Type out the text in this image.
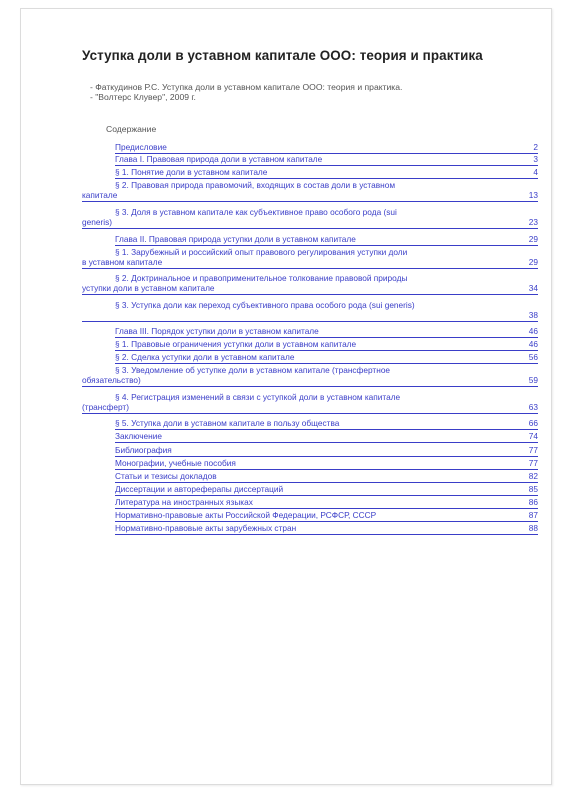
Уступка доли в уставном капитале ООО: теория и практика
- Фаткудинов Р.С. Уступка доли в уставном капитале ООО: теория и практика.
- "Волтерс Клувер", 2009 г.
Содержание
Предисловие	2
Глава I. Правовая природа доли в уставном капитале	3
§ 1. Понятие доли в уставном капитале	4
§ 2. Правовая природа правомочий, входящих в состав доли в уставном
капитале	13
§ 3. Доля в уставном капитале как субъективное право особого рода (sui
generis)	23
Глава II. Правовая природа уступки доли в уставном капитале	29
§ 1. Зарубежный и российский опыт правового регулирования уступки доли
в уставном капитале	29
§ 2. Доктринальное и правоприменительное толкование правовой природы
уступки доли в уставном капитале	34
§ 3. Уступка доли как переход субъективного права особого рода (sui generis)
38
Глава III. Порядок уступки доли в уставном капитале	46
§ 1. Правовые ограничения уступки доли в уставном капитале	46
§ 2. Сделка уступки доли в уставном капитале	56
§ 3. Уведомление об уступке доли в уставном капитале (трансфертное
обязательство)	59
§ 4. Регистрация изменений в связи с уступкой доли в уставном капитале
(трансферт)	63
§ 5. Уступка доли в уставном капитале в пользу общества	66
Заключение	74
Библиография	77
Монографии, учебные пособия	77
Статьи и тезисы докладов	82
Диссертации и автореферапы диссертаций	85
Литература на иностранных языках	86
Нормативно-правовые акты Российской Федерации, РСФСР, СССР	87
Нормативно-правовые акты зарубежных стран	88
